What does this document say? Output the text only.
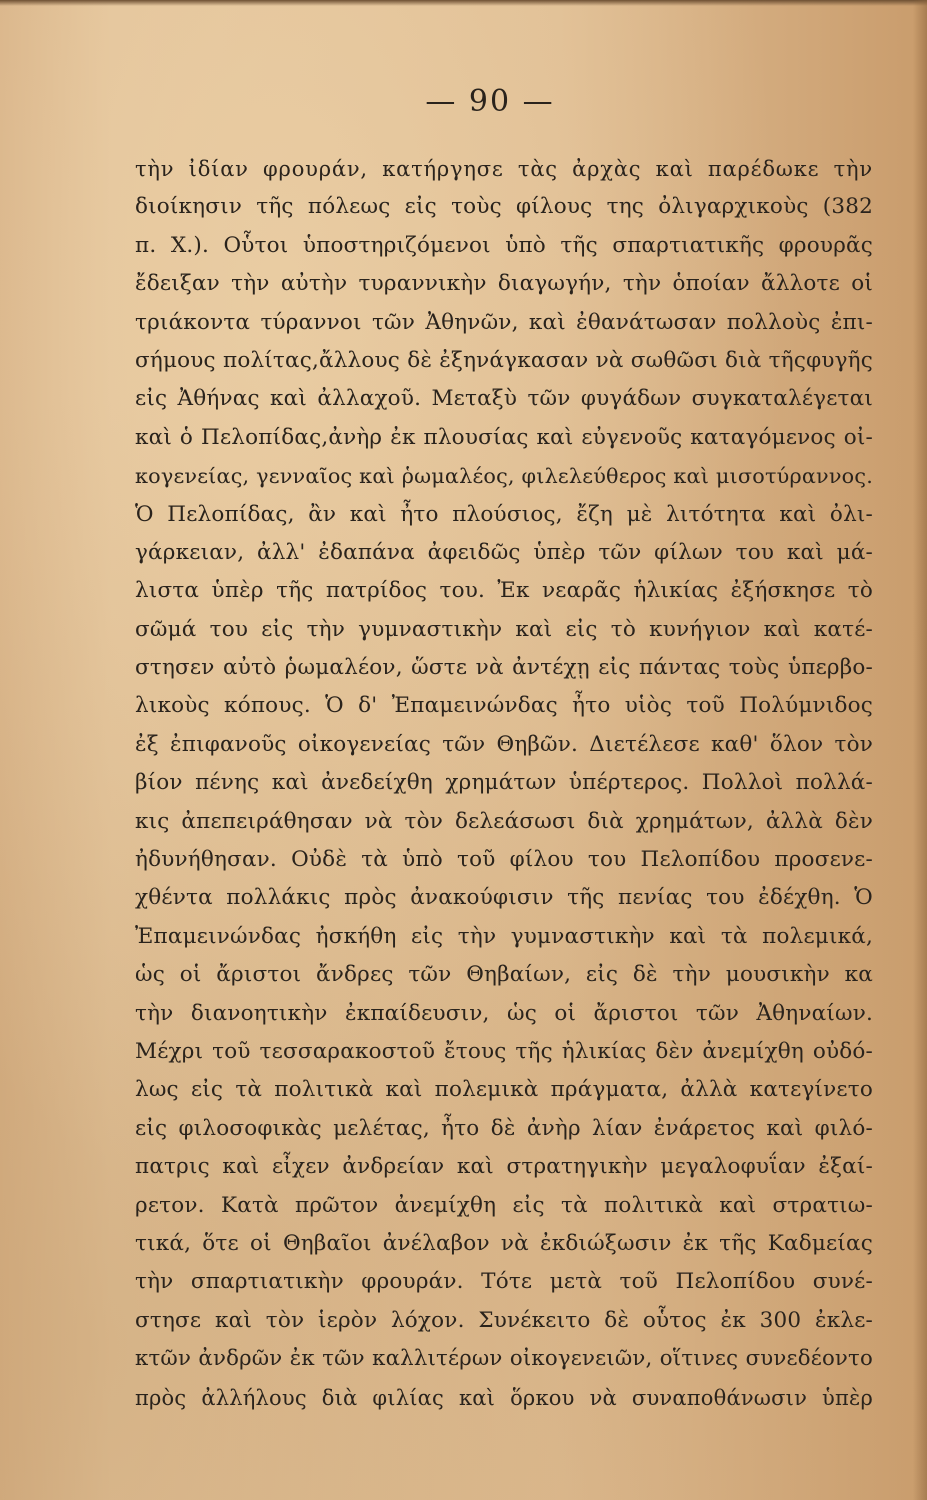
— 90 —
τὴν ἰδίαν φρουράν, κατήργησε τὰς ἀρχὰς καὶ παρέδωκε τὴν
διοίκησιν τῆς πόλεως εἰς τοὺς φίλους της ὀλιγαρχικοὺς (382
π. Χ.). Οὗτοι ὑποστηριζόμενοι ὑπὸ τῆς σπαρτιατικῆς φρουρᾶς
ἔδειξαν τὴν αὐτὴν τυραννικὴν διαγωγήν, τὴν ὁποίαν ἄλλοτε οἱ
τριάκοντα τύραννοι τῶν Ἀθηνῶν, καὶ ἐθανάτωσαν πολλοὺς ἐπι-
σήμους πολίτας,ἄλλους δὲ ἐξηνάγκασαν νὰ σωθῶσι διὰ τῆςφυγῆς
εἰς Ἀθήνας καὶ ἀλλαχοῦ. Μεταξὺ τῶν φυγάδων συγκαταλέγεται
καὶ ὁ Πελοπίδας,ἀνὴρ ἐκ πλουσίας καὶ εὐγενοῦς καταγόμενος οἰ-
κογενείας, γενναῖος καὶ ῥωμαλέος, φιλελεύθερος καὶ μισοτύραννος.
Ὁ Πελοπίδας, ἂν καὶ ἦτο πλούσιος, ἔζη μὲ λιτότητα καὶ ὀλι-
γάρκειαν, ἀλλ' ἐδαπάνα ἀφειδῶς ὑπὲρ τῶν φίλων του καὶ μά-
λιστα ὑπὲρ τῆς πατρίδος του. Ἐκ νεαρᾶς ἡλικίας ἐξήσκησε τὸ
σῶμά του εἰς τὴν γυμναστικὴν καὶ εἰς τὸ κυνήγιον καὶ κατέ-
στησεν αὐτὸ ῥωμαλέον, ὥστε νὰ ἀντέχῃ εἰς πάντας τοὺς ὑπερβο-
λικοὺς κόπους. Ὁ δ' Ἐπαμεινώνδας ἦτο υἱὸς τοῦ Πολύμνιδος
ἐξ ἐπιφανοῦς οἰκογενείας τῶν Θηβῶν. Διετέλεσε καθ' ὅλον τὸν
βίον πένης καὶ ἀνεδείχθη χρημάτων ὑπέρτερος. Πολλοὶ πολλά-
κις ἀπεπειράθησαν νὰ τὸν δελεάσωσι διὰ χρημάτων, ἀλλὰ δὲν
ἠδυνήθησαν. Οὐδὲ τὰ ὑπὸ τοῦ φίλου του Πελοπίδου προσενε-
χθέντα πολλάκις πρὸς ἀνακούφισιν τῆς πενίας του ἐδέχθη. Ὁ
Ἐπαμεινώνδας ἠσκήθη εἰς τὴν γυμναστικὴν καὶ τὰ πολεμικά,
ὡς οἱ ἄριστοι ἄνδρες τῶν Θηβαίων, εἰς δὲ τὴν μουσικὴν κα
τὴν διανοητικὴν ἐκπαίδευσιν, ὡς οἱ ἄριστοι τῶν Ἀθηναίων.
Μέχρι τοῦ τεσσαρακοστοῦ ἔτους τῆς ἡλικίας δὲν ἀνεμίχθη οὐδό-
λως εἰς τὰ πολιτικὰ καὶ πολεμικὰ πράγματα, ἀλλὰ κατεγίνετο
εἰς φιλοσοφικὰς μελέτας, ἦτο δὲ ἀνὴρ λίαν ἐνάρετος καὶ φιλό-
πατρις καὶ εἶχεν ἀνδρείαν καὶ στρατηγικὴν μεγαλοφυΐαν ἐξαί-
ρετον. Κατὰ πρῶτον ἀνεμίχθη εἰς τὰ πολιτικὰ καὶ στρατιω-
τικά, ὅτε οἱ Θηβαῖοι ἀνέλαβον νὰ ἐκδιώξωσιν ἐκ τῆς Καδμείας
τὴν σπαρτιατικὴν φρουράν. Τότε μετὰ τοῦ Πελοπίδου συνέ-
στησε καὶ τὸν ἱερὸν λόχον. Συνέκειτο δὲ οὗτος ἐκ 300 ἐκλε-
κτῶν ἀνδρῶν ἐκ τῶν καλλιτέρων οἰκογενειῶν, οἵτινες συνεδέοντο
πρὸς ἀλλήλους διὰ φιλίας καὶ ὅρκου νὰ συναποθάνωσιν ὑπὲρ
